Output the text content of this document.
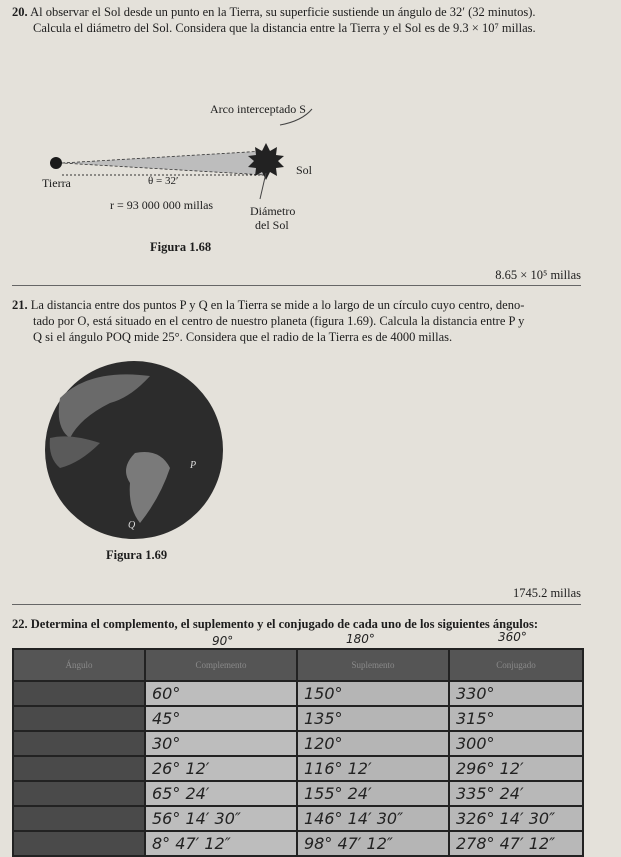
20. Al observar el Sol desde un punto en la Tierra, su superficie sustiende un ángulo de 32′ (32 minutos).
Calcula el diámetro del Sol. Considera que la distancia entre la Tierra y el Sol es de 9.3 × 10⁷ millas.
Arco interceptado S
Sol
Tierra	θ = 32′
r = 93 000 000 millas	Diámetro
del Sol
Figura 1.68
8.65 × 10⁵ millas
21. La distancia entre dos puntos P y Q en la Tierra se mide a lo largo de un círculo cuyo centro, deno-
tado por O, está situado en el centro de nuestro planeta (figura 1.69). Calcula la distancia entre P y
Q si el ángulo POQ mide 25°. Considera que el radio de la Tierra es de 4000 millas.
P
Q
Figura 1.69
1745.2 millas
22. Determina el complemento, el suplemento y el conjugado de cada uno de los siguientes ángulos:
90°	180°	360°
Ángulo	Complemento	Suplemento	Conjugado
	60°	150°	330°
	45°	135°	315°
	30°	120°	300°
	26° 12′	116° 12′	296° 12′
	65° 24′	155° 24′	335° 24′
	56° 14′ 30″	146° 14′ 30″	326° 14′ 30″
	8° 47′ 12″	98° 47′ 12″	278° 47′ 12″
